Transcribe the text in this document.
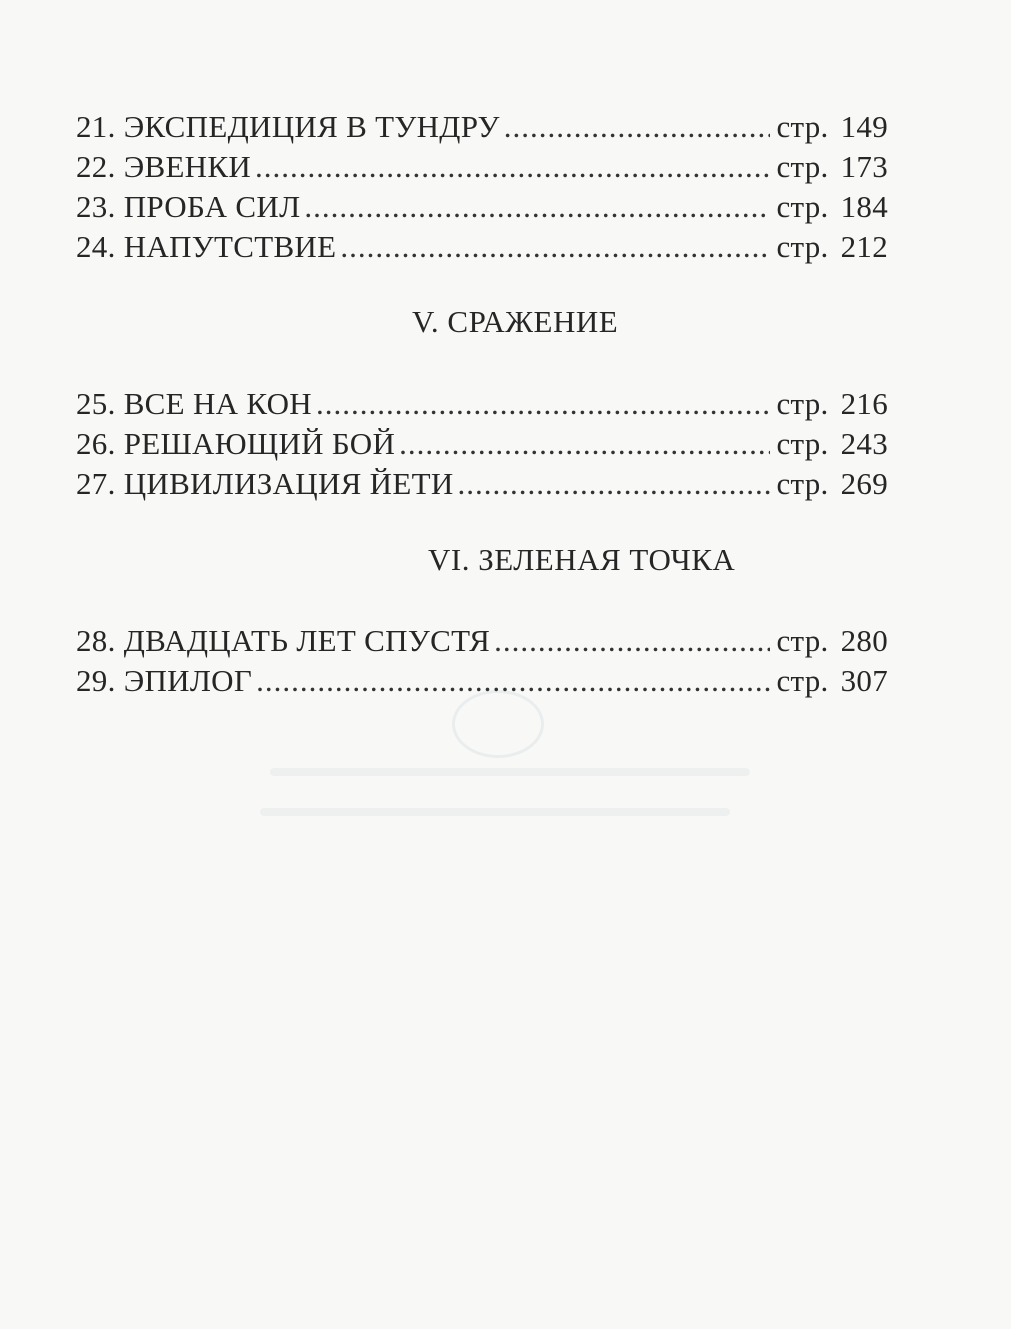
21. ЭКСПЕДИЦИЯ В ТУНДРУ .....	стр. 149
22. ЭВЕНКИ .....	стр. 173
23. ПРОБА СИЛ .....	стр. 184
24. НАПУТСТВИЕ .....	стр. 212
V. СРАЖЕНИЕ
25. ВСЕ НА КОН .....	стр. 216
26. РЕШАЮЩИЙ БОЙ .....	стр. 243
27. ЦИВИЛИЗАЦИЯ ЙЕТИ .....	стр. 269
VI. ЗЕЛЕНАЯ ТОЧКА
28. ДВАДЦАТЬ ЛЕТ СПУСТЯ .....	стр. 280
29. ЭПИЛОГ .....	стр. 307
